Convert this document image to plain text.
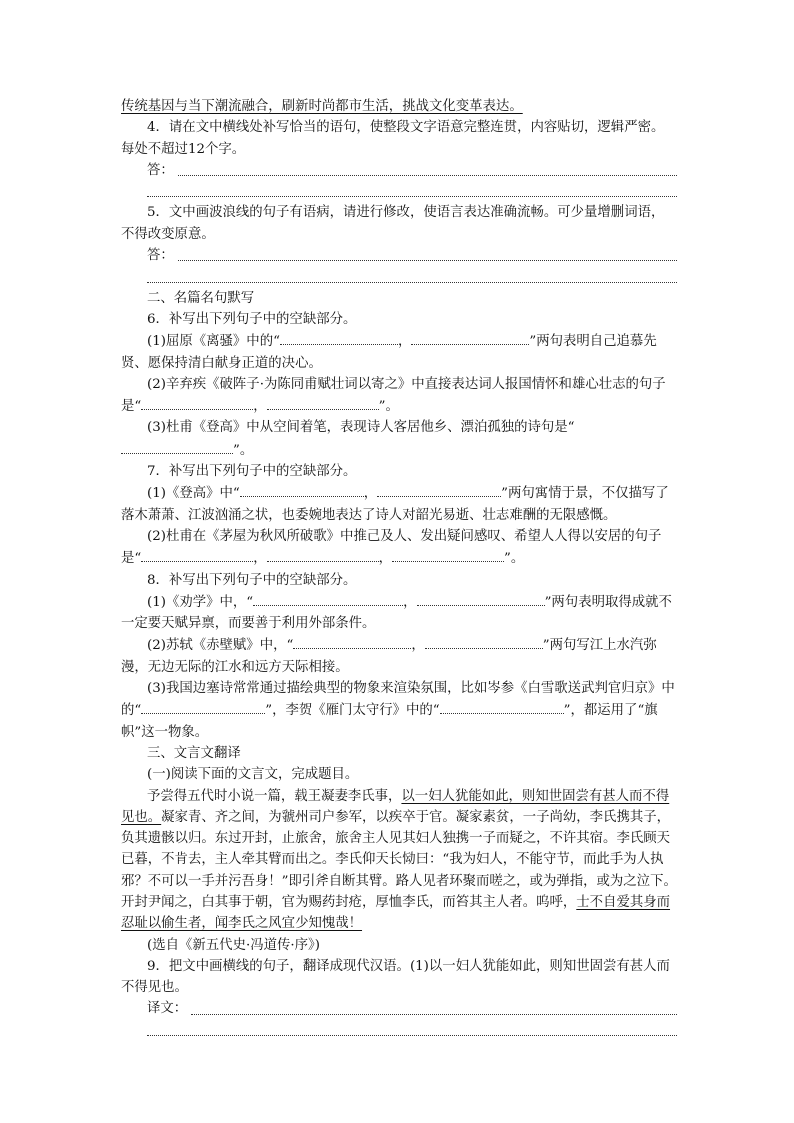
传统基因与当下潮流融合，刷新时尚都市生活，挑战文化变革表达。

4．请在文中横线处补写恰当的语句，使整段文字语意完整连贯，内容贴切，逻辑严密。每处不超过12个字。

答：

5．文中画波浪线的句子有语病，请进行修改，使语言表达准确流畅。可少量增删词语，不得改变原意。

答：

二、名篇名句默写

6．补写出下列句子中的空缺部分。

(1)屈原《离骚》中的“	，	”两句表明自己追慕先贤、愿保持清白献身正道的决心。

(2)辛弃疾《破阵子·为陈同甫赋壮词以寄之》中直接表达词人报国情怀和雄心壮志的句子是“	，	”。

(3)杜甫《登高》中从空间着笔，表现诗人客居他乡、漂泊孤独的诗句是“”。

7．补写出下列句子中的空缺部分。

(1)《登高》中“	，	”两句寓情于景，不仅描写了落木萧萧、江波汹涌之状，也委婉地表达了诗人对韶光易逝、壮志难酬的无限感慨。

(2)杜甫在《茅屋为秋风所破歌》中推己及人、发出疑问感叹、希望人人得以安居的句子是“	，	，	”。

8．补写出下列句子中的空缺部分。

(1)《劝学》中，“	，	”两句表明取得成就不一定要天赋异禀，而要善于利用外部条件。

(2)苏轼《赤壁赋》中，“	，	”两句写江上水汽弥漫，无边无际的江水和远方天际相接。

(3)我国边塞诗常常通过描绘典型的物象来渲染氛围，比如岑参《白雪歌送武判官归京》中的“	”，李贺《雁门太守行》中的“	”，都运用了“旗帜”这一物象。

三、文言文翻译

(一)阅读下面的文言文，完成题目。

予尝得五代时小说一篇，载王凝妻李氏事，以一妇人犹能如此，则知世固尝有甚人而不得见也。凝家青、齐之间，为虢州司户参军，以疾卒于官。凝家素贫，一子尚幼，李氏携其子，负其遗骸以归。东过开封，止旅舍，旅舍主人见其妇人独携一子而疑之，不许其宿。李氏顾天已暮，不肯去，主人牵其臂而出之。李氏仰天长恸曰：“我为妇人，不能守节，而此手为人执邪？不可以一手并污吾身！”即引斧自断其臂。路人见者环聚而嗟之，或为弹指，或为之泣下。开封尹闻之，白其事于朝，官为赐药封疮，厚恤李氏，而笞其主人者。呜呼，士不自爱其身而忍耻以偷生者，闻李氏之风宜少知愧哉！

(选自《新五代史·冯道传·序》)

9．把文中画横线的句子，翻译成现代汉语。(1)以一妇人犹能如此，则知世固尝有甚人而不得见也。

译文：
